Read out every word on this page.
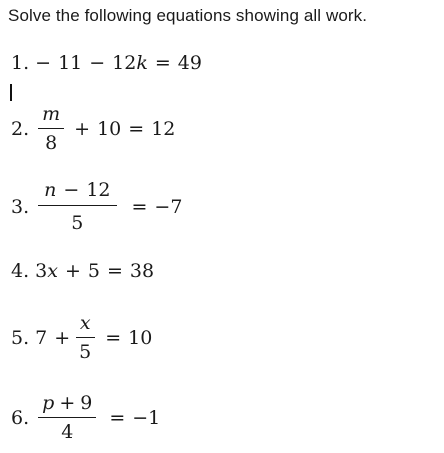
Solve the following equations showing all work.
1. − 11 − 12 k = 49
2. $\frac{m}{8} + 10 = 12$
3. $\frac{n - 12}{5} = -7$
4. 3 x + 5 = 38
5. $7 + \frac{x}{5} = 10$
6. $\frac{p + 9}{4} = -1$
